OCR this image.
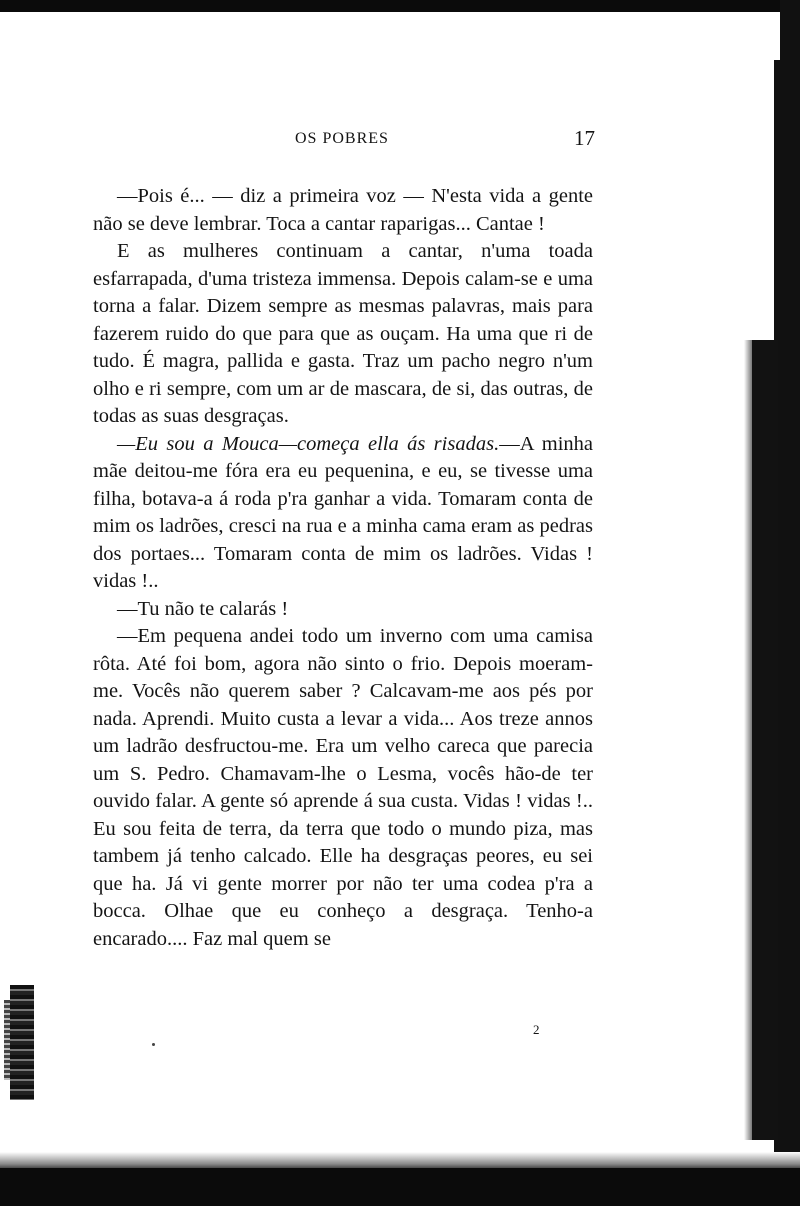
OS POBRES	17

—Pois é... — diz a primeira voz — N'esta vida a gente não se deve lembrar. Toca a cantar raparigas... Cantae !

E as mulheres continuam a cantar, n'uma toada esfarrapada, d'uma tristeza immensa. Depois calam-se e uma torna a falar. Dizem sempre as mesmas palavras, mais para fazerem ruido do que para que as ouçam. Ha uma que ri de tudo. É magra, pallida e gasta. Traz um pacho negro n'um olho e ri sempre, com um ar de mascara, de si, das outras, de todas as suas desgraças.

—Eu sou a Mouca—começa ella ás risadas.—A minha mãe deitou-me fóra era eu pequenina, e eu, se tivesse uma filha, botava-a á roda p'ra ganhar a vida. Tomaram conta de mim os ladrões, cresci na rua e a minha cama eram as pedras dos portaes... Tomaram conta de mim os ladrões. Vidas ! vidas !..

—Tu não te calarás !

—Em pequena andei todo um inverno com uma camisa rôta. Até foi bom, agora não sinto o frio. Depois moeram-me. Vocês não querem saber ? Calcavam-me aos pés por nada. Aprendi. Muito custa a levar a vida... Aos treze annos um ladrão desfructou-me. Era um velho careca que parecia um S. Pedro. Chamavam-lhe o Lesma, vocês hão-de ter ouvido falar. A gente só aprende á sua custa. Vidas ! vidas !.. Eu sou feita de terra, da terra que todo o mundo piza, mas tambem já tenho calcado. Elle ha desgraças peores, eu sei que ha. Já vi gente morrer por não ter uma codea p'ra a bocca. Olhae que eu conheço a desgraça. Tenho-a encarado.... Faz mal quem se

2
